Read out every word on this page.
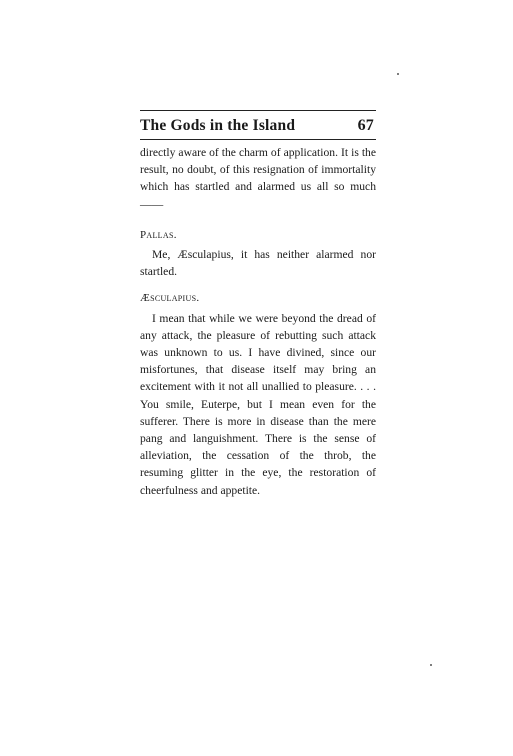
The Gods in the Island	67

directly aware of the charm of application. It is the result, no doubt, of this resignation of immortality which has startled and alarmed us all so much——

Pallas.

Me, Æsculapius, it has neither alarmed nor startled.

Æsculapius.

I mean that while we were beyond the dread of any attack, the pleasure of rebutting such attack was unknown to us. I have divined, since our misfortunes, that disease itself may bring an excitement with it not all unallied to pleasure. . . . You smile, Euterpe, but I mean even for the sufferer. There is more in disease than the mere pang and languishment. There is the sense of alleviation, the cessation of the throb, the resuming glitter in the eye, the restoration of cheerfulness and appetite.
